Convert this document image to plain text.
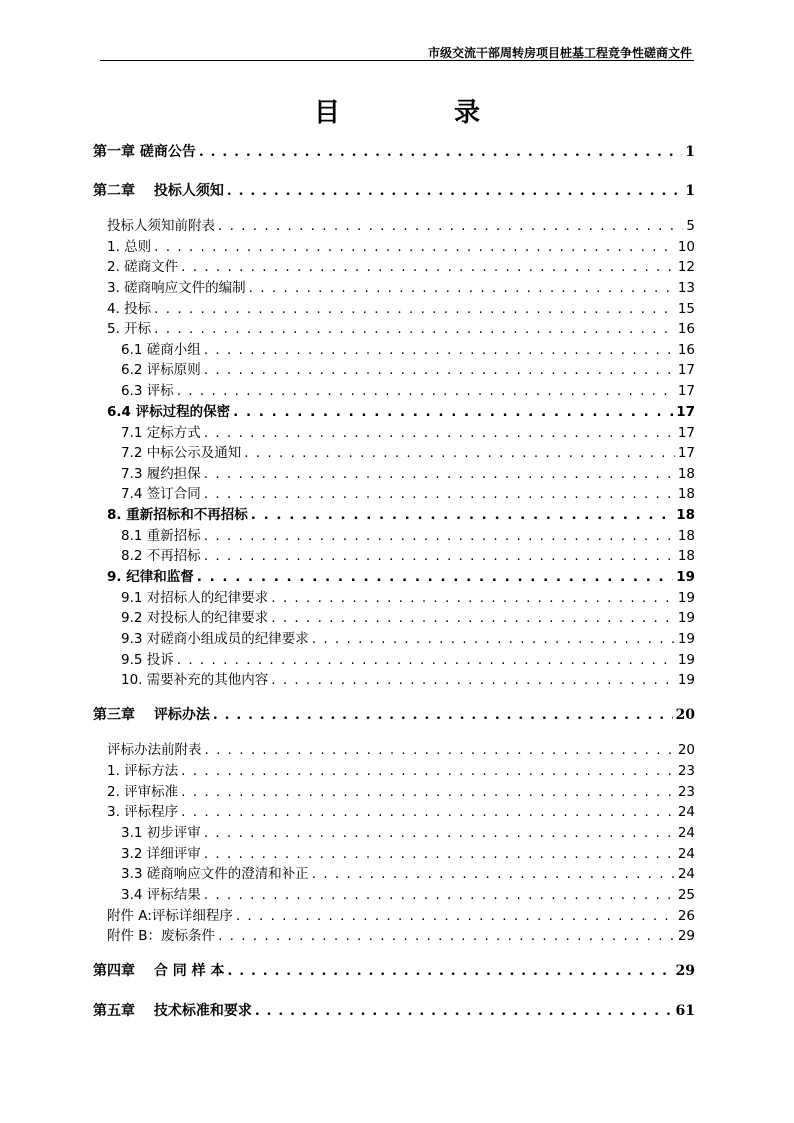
市级交流干部周转房项目桩基工程竞争性磋商文件
目　录
第一章 磋商公告 . . .	1
第二章　 投标人须知 . . .	1
投标人须知前附表 . . .	5
1. 总则 . . .	10
2. 磋商文件 . . .	12
3. 磋商响应文件的编制 . . .	13
4. 投标 . . .	15
5. 开标 . . .	16
6.1 磋商小组 . . .	16
6.2 评标原则 . . .	17
6.3 评标 . . .	17
6.4 评标过程的保密 . . .	17
7.1 定标方式 . . .	17
7.2 中标公示及通知 . . .	17
7.3 履约担保 . . .	18
7.4 签订合同 . . .	18
8. 重新招标和不再招标 . . .	18
8.1 重新招标 . . .	18
8.2 不再招标 . . .	18
9. 纪律和监督 . . .	19
9.1 对招标人的纪律要求 . . .	19
9.2 对投标人的纪律要求 . . .	19
9.3 对磋商小组成员的纪律要求 . . .	19
9.5 投诉 . . .	19
10. 需要补充的其他内容 . . .	19
第三章　 评标办法 . . .	20
评标办法前附表 . . .	20
1. 评标方法 . . .	23
2. 评审标准 . . .	23
3. 评标程序 . . .	24
3.1 初步评审 . . .	24
3.2 详细评审 . . .	24
3.3 磋商响应文件的澄清和补正 . . .	24
3.4 评标结果 . . .	25
附件 A:评标详细程序 . . .	26
附件 B：废标条件 . . .	29
第四章　 合 同 样 本 . . .	29
第五章　 技术标准和要求 . . .	61
